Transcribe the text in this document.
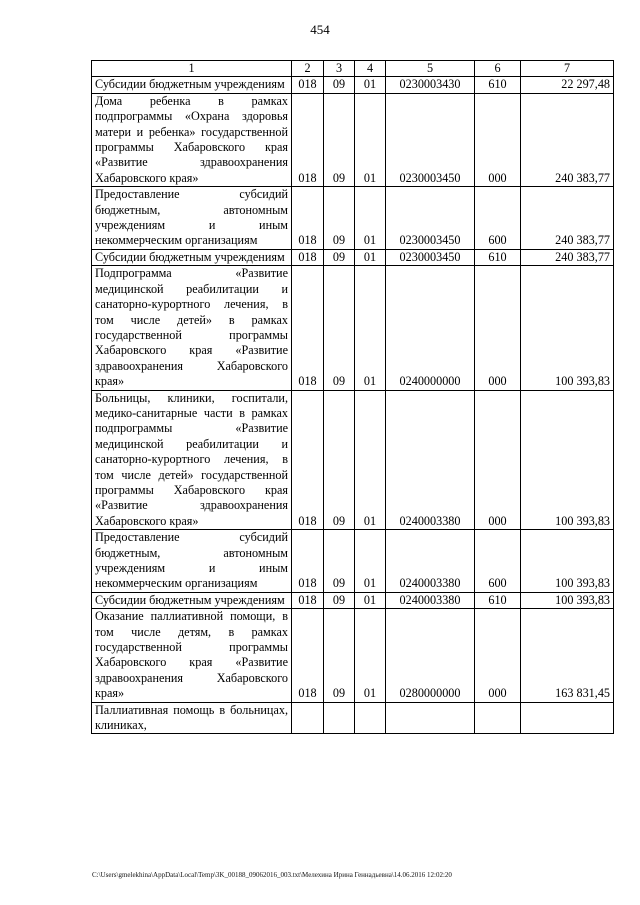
454
1	2	3	4	5	6	7
Субсидии бюджетным учреждениям	018	09	01	0230003430	610	22 297,48
Дома ребенка в рамках подпрограммы «Охрана здоровья матери и ребенка» государственной программы Хабаровского края «Развитие здравоохранения Хабаровского края»	018	09	01	0230003450	000	240 383,77
Предоставление субсидий бюджетным, автономным учреждениям и иным некоммерческим организациям	018	09	01	0230003450	600	240 383,77
Субсидии бюджетным учреждениям	018	09	01	0230003450	610	240 383,77
Подпрограмма «Развитие медицинской реабилитации и санаторно-курортного лечения, в том числе детей» в рамках государственной программы Хабаровского края «Развитие здравоохранения Хабаровского края»	018	09	01	0240000000	000	100 393,83
Больницы, клиники, госпитали, медико-санитарные части в рамках подпрограммы «Развитие медицинской реабилитации и санаторно-курортного лечения, в том числе детей» государственной программы Хабаровского края «Развитие здравоохранения Хабаровского края»	018	09	01	0240003380	000	100 393,83
Предоставление субсидий бюджетным, автономным учреждениям и иным некоммерческим организациям	018	09	01	0240003380	600	100 393,83
Субсидии бюджетным учреждениям	018	09	01	0240003380	610	100 393,83
Оказание паллиативной помощи, в том числе детям, в рамках государственной программы Хабаровского края «Развитие здравоохранения Хабаровского края»	018	09	01	0280000000	000	163 831,45
Паллиативная помощь в больницах, клиниках,						
C:\Users\gmelekhina\AppData\Local\Temp\3K_00188_09062016_003.txt\Мелехина Ирина Геннадьевна\14.06.2016 12:02:20
